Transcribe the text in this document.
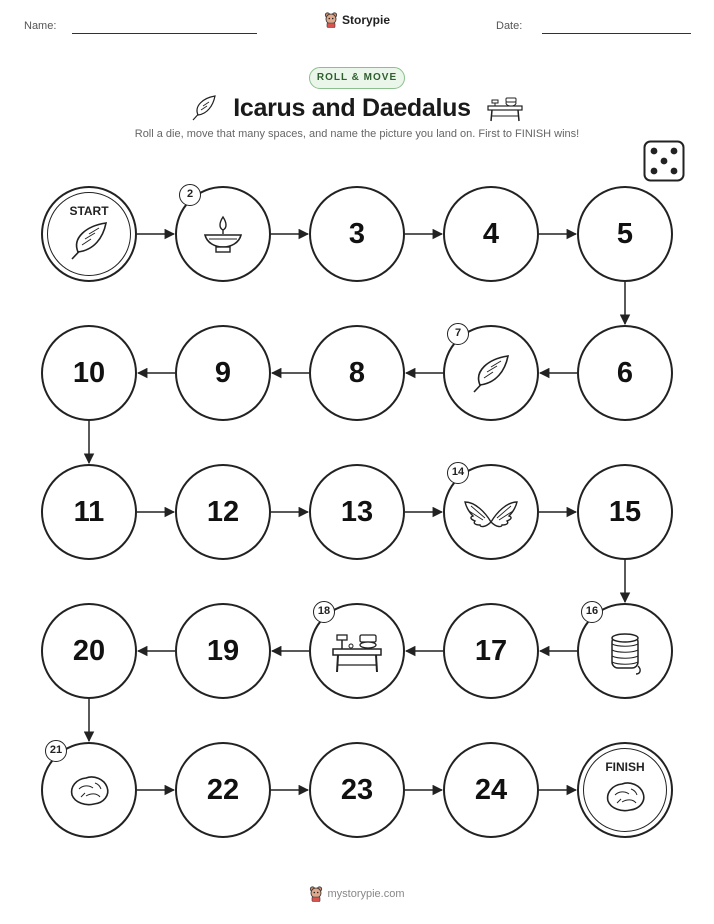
Name:	Storypie	Date:
ROLL & MOVE
Icarus and Daedalus
Roll a die, move that many spaces, and name the picture you land on. First to FINISH wins!
START
2
3	4	5
6
7
8
9
10
11	12	13
14
15
16
17
18
19
20
21
22	23	24
FINISH
mystorypie.com
